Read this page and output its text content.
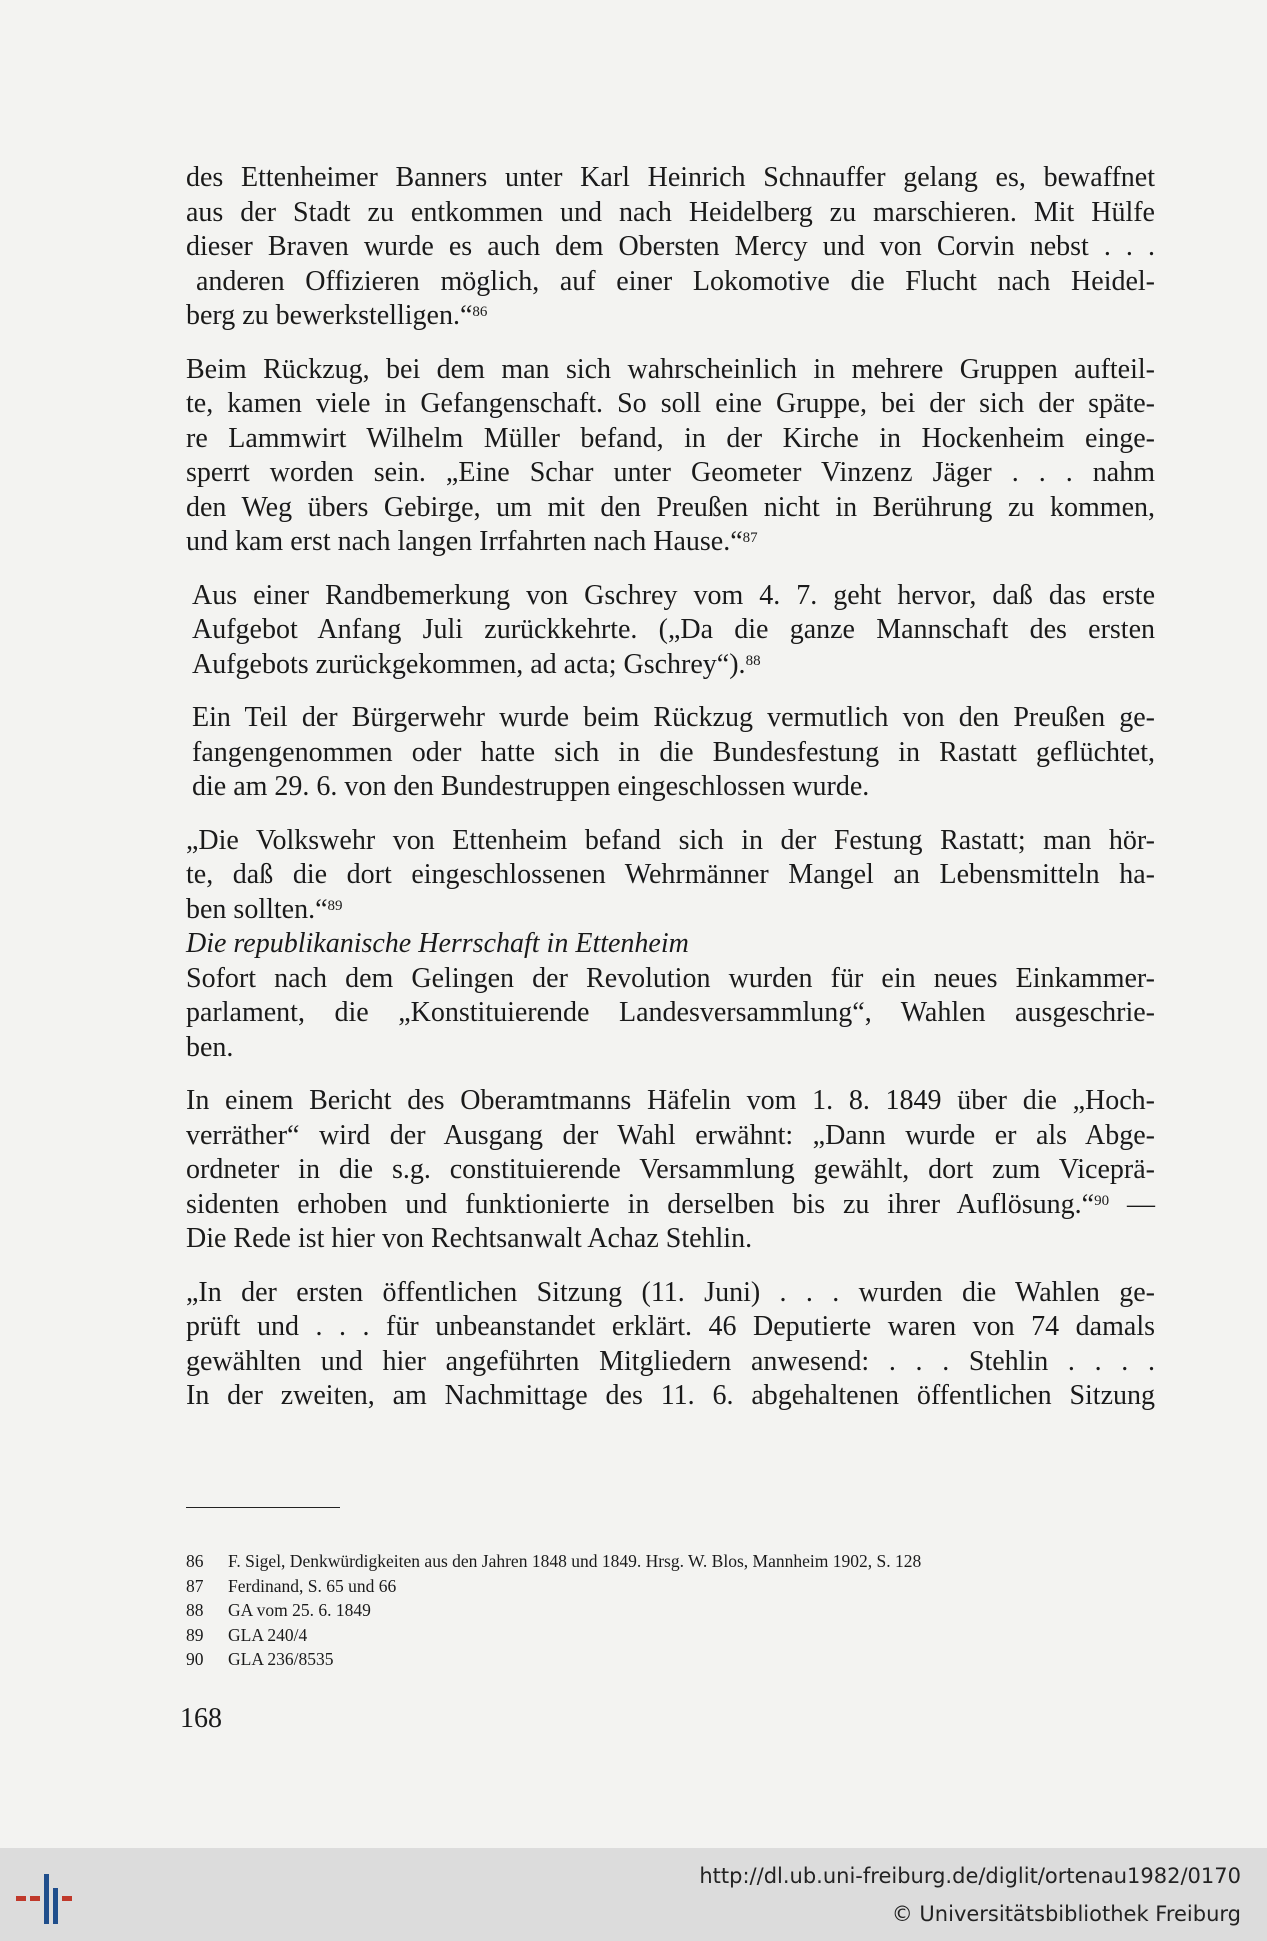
des Ettenheimer Banners unter Karl Heinrich Schnauffer gelang es, bewaffnet
aus der Stadt zu entkommen und nach Heidelberg zu marschieren. Mit Hülfe
dieser Braven wurde es auch dem Obersten Mercy und von Corvin nebst . . .
anderen Offizieren möglich, auf einer Lokomotive die Flucht nach Heidel-
berg zu bewerkstelligen.“$^{86}$

Beim Rückzug, bei dem man sich wahrscheinlich in mehrere Gruppen aufteil-
te, kamen viele in Gefangenschaft. So soll eine Gruppe, bei der sich der späte-
re Lammwirt Wilhelm Müller befand, in der Kirche in Hockenheim einge-
sperrt worden sein. „Eine Schar unter Geometer Vinzenz Jäger . . . nahm
den Weg übers Gebirge, um mit den Preußen nicht in Berührung zu kommen,
und kam erst nach langen Irrfahrten nach Hause.“$^{87}$

Aus einer Randbemerkung von Gschrey vom 4. 7. geht hervor, daß das erste
Aufgebot Anfang Juli zurückkehrte. („Da die ganze Mannschaft des ersten
Aufgebots zurückgekommen, ad acta; Gschrey“).$^{88}$

Ein Teil der Bürgerwehr wurde beim Rückzug vermutlich von den Preußen ge-
fangengenommen oder hatte sich in die Bundesfestung in Rastatt geflüchtet,
die am 29. 6. von den Bundestruppen eingeschlossen wurde.

„Die Volkswehr von Ettenheim befand sich in der Festung Rastatt; man hör-
te, daß die dort eingeschlossenen Wehrmänner Mangel an Lebensmitteln ha-
ben sollten.“$^{89}$

Die republikanische Herrschaft in Ettenheim

Sofort nach dem Gelingen der Revolution wurden für ein neues Einkammer-
parlament, die „Konstituierende Landesversammlung“, Wahlen ausgeschrie-
ben.

In einem Bericht des Oberamtmanns Häfelin vom 1. 8. 1849 über die „Hoch-
verräther“ wird der Ausgang der Wahl erwähnt: „Dann wurde er als Abge-
ordneter in die s.g. constituierende Versammlung gewählt, dort zum Viceprä-
sidenten erhoben und funktionierte in derselben bis zu ihrer Auflösung.“$^{90}$ —
Die Rede ist hier von Rechtsanwalt Achaz Stehlin.

„In der ersten öffentlichen Sitzung (11. Juni) . . . wurden die Wahlen ge-
prüft und . . . für unbeanstandet erklärt. 46 Deputierte waren von 74 damals
gewählten und hier angeführten Mitgliedern anwesend: . . . Stehlin . . . .
In der zweiten, am Nachmittage des 11. 6. abgehaltenen öffentlichen Sitzung

86	F. Sigel, Denkwürdigkeiten aus den Jahren 1848 und 1849. Hrsg. W. Blos, Mannheim 1902, S. 128
87	Ferdinand, S. 65 und 66
88	GA vom 25. 6. 1849
89	GLA 240/4
90	GLA 236/8535
168
http://dl.ub.uni-freiburg.de/diglit/ortenau1982/0170
© Universitätsbibliothek Freiburg
